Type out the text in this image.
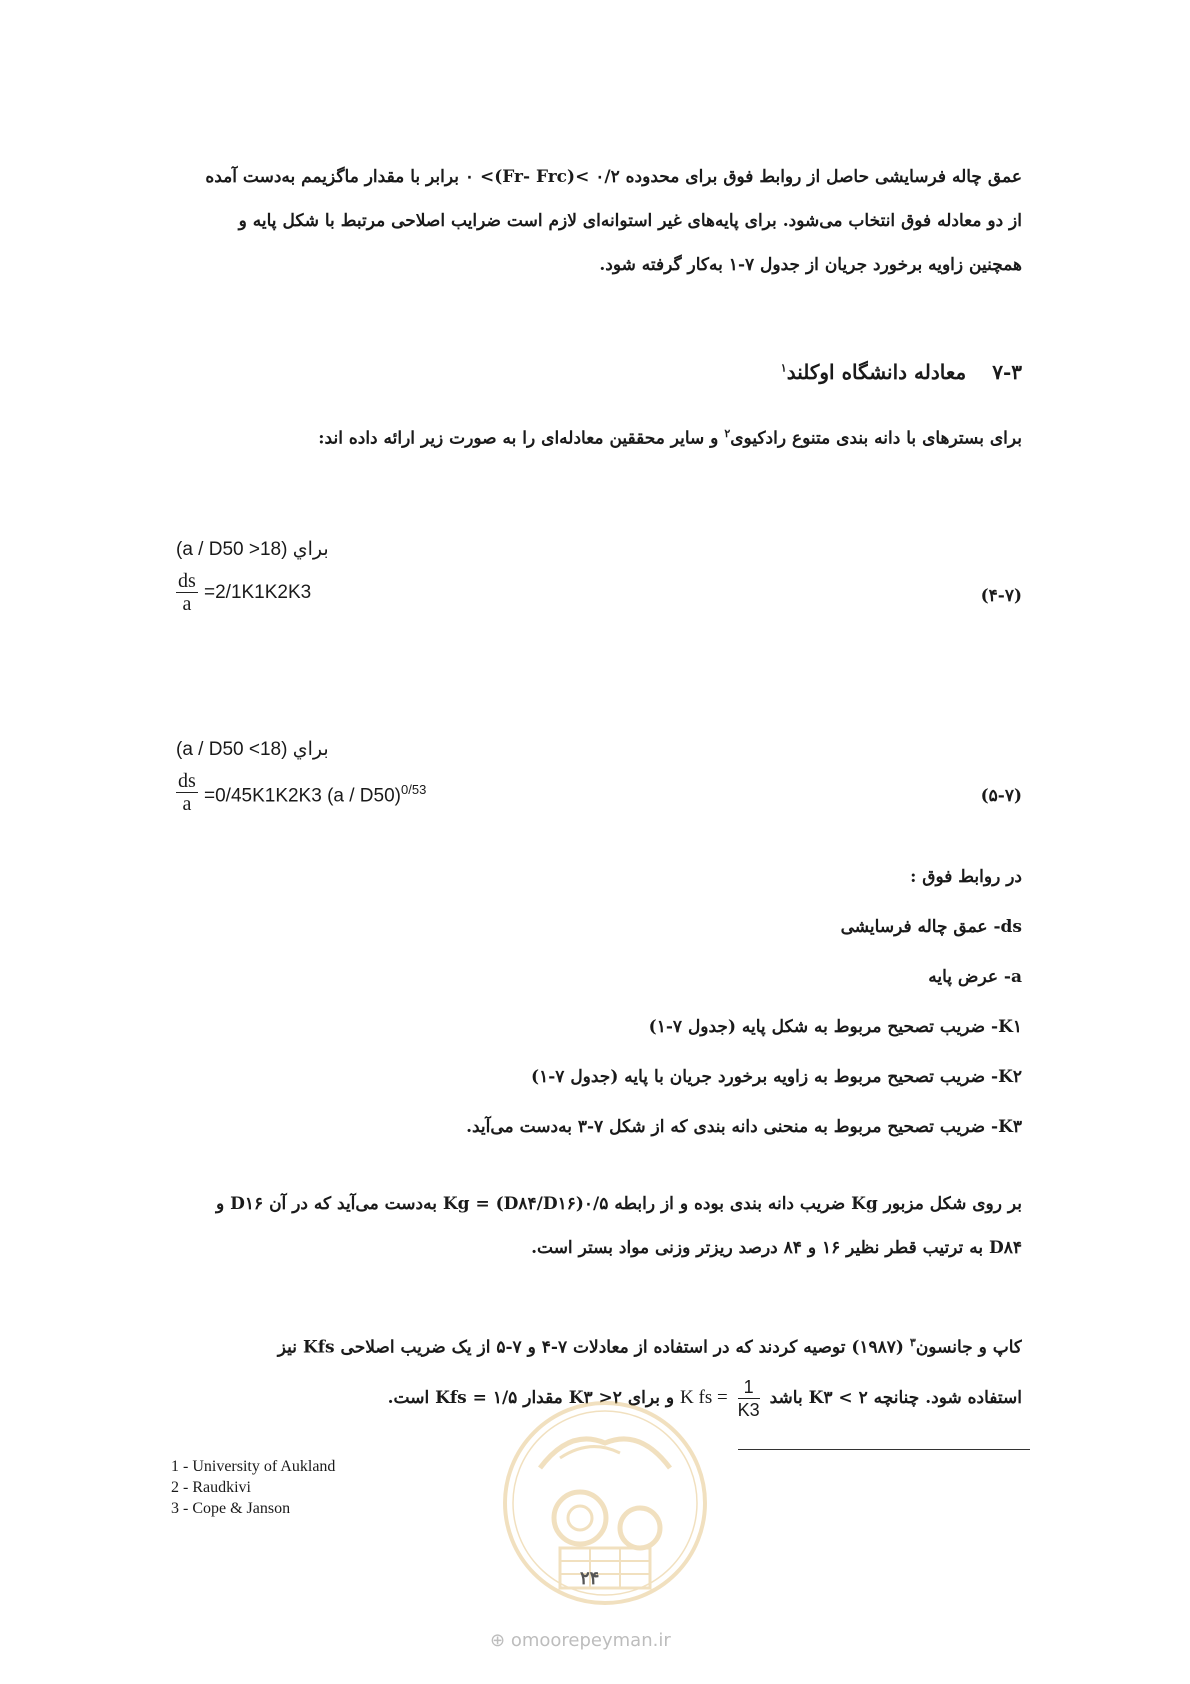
عمق چاله فرسایشی حاصل از روابط فوق برای محدوده ۰/۲ >(Fr- Frc)> ۰ برابر با مقدار ماگزیمم به‌دست آمده
از دو معادله فوق انتخاب می‌شود. برای پایه‌های غیر استوانه‌ای لازم است ضرایب اصلاحی مرتبط با شکل پایه و
همچنین زاویه برخورد جریان از جدول ۷-۱ به‌کار گرفته شود.
۷-۳معادله دانشگاه اوکلند$^۱$
برای بسترهای با دانه بندی متنوع رادکیوی$^۲$ و سایر محققین معادله‌ای را به صورت زیر ارائه داده اند:
(a / D50 >18) براي
$\frac{ds}{a} =2/1K1K2K3$	(۴-۷)
(a / D50 <18) براي
$\frac{ds}{a} =0/45K1K2K3$ (a / D50)$^{0/53}$	(۵-۷)
در روابط فوق :
ds- عمق چاله فرسایشی
a- عرض پایه
K۱- ضریب تصحیح مربوط به شکل پایه (جدول ۷-۱)
K۲- ضریب تصحیح مربوط به زاویه برخورد جریان با پایه (جدول ۷-۱)
K۳- ضریب تصحیح مربوط به منحنی دانه بندی که از شکل ۷-۳ به‌دست می‌آید.
بر روی شکل مزبور Kg ضریب دانه بندی بوده و از رابطه Kg = (D۸۴/D۱۶)۰/۵ به‌دست می‌آید که در آن D۱۶ و
D۸۴ به ترتیب قطر نظیر ۱۶ و ۸۴ درصد ریزتر وزنی مواد بستر است.
کاپ و جانسون$^۳$ (۱۹۸۷) توصیه کردند که در استفاده از معادلات ۷-۴ و ۷-۵ از یک ضریب اصلاحی Kfs نیز
استفاده شود. چنانچه ۲ > K۳ باشد
$\frac{1}{K3}$
K fs = و برای ۲< K۳ مقدار Kfs = ۱/۵ است.
1 - University of Aukland
2 - Raudkivi
3 - Cope & Janson
۲۴
⊕ omoorepeyman.ir
